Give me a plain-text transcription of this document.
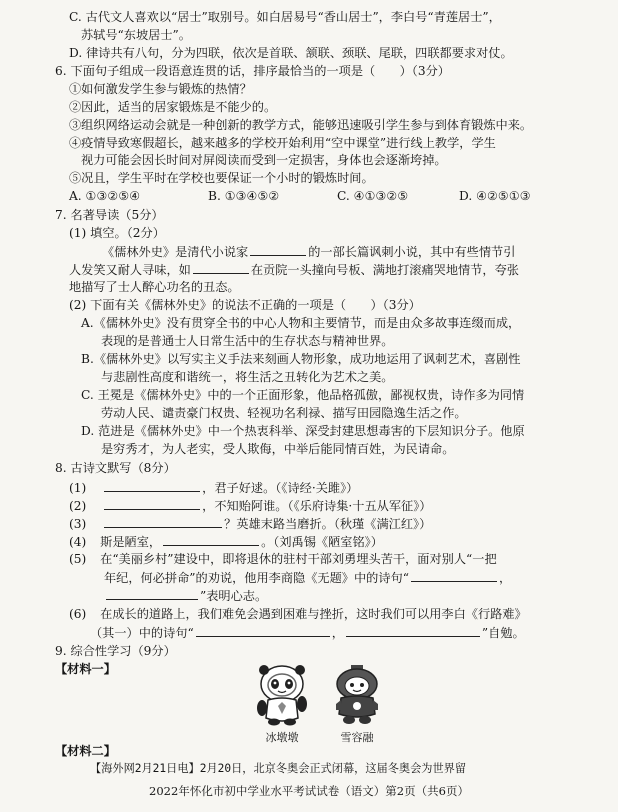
C. 古代文人喜欢以“居士”取别号。如白居易号“香山居士”，李白号“青莲居士”，
苏轼号“东坡居士”。
D. 律诗共有八句，分为四联，依次是首联、颔联、颈联、尾联，四联都要求对仗。
6. 下面句子组成一段语意连贯的话，排序最恰当的一项是（　　）（3分）
①如何激发学生参与锻炼的热情？
②因此，适当的居家锻炼是不能少的。
③组织网络运动会就是一种创新的教学方式，能够迅速吸引学生参与到体育锻炼中来。
④疫情导致寒假超长，越来越多的学校开始利用“空中课堂”进行线上教学，学生
视力可能会因长时间对屏阅读而受到一定损害，身体也会逐渐垮掉。
⑤况且，学生平时在学校也要保证一个小时的锻炼时间。
A. ①③②⑤④	B. ①③④⑤②	C. ④①③②⑤	D. ④②⑤①③
7. 名著导读（5分）
(1) 填空。（2分）
《儒林外史》是清代小说家	的一部长篇讽刺小说，其中有些情节引
人发笑又耐人寻味，如	在贡院一头撞向号板、满地打滚痛哭地情节，夸张
地描写了士人醉心功名的丑态。
(2) 下面有关《儒林外史》的说法不正确的一项是（　　）（3分）
A.《儒林外史》没有贯穿全书的中心人物和主要情节，而是由众多故事连缀而成，
表现的是普通士人日常生活中的生存状态与精神世界。
B.《儒林外史》以写实主义手法来刻画人物形象，成功地运用了讽刺艺术，喜剧性
与悲剧性高度和谐统一，将生活之丑转化为艺术之美。
C. 王冕是《儒林外史》中的一个正面形象，他品格孤傲，鄙视权贵，诗作多为同情
劳动人民、谴责豪门权贵、轻视功名利禄、描写田园隐逸生活之作。
D. 范进是《儒林外史》中一个热衷科举、深受封建思想毒害的下层知识分子。他原
是穷秀才，为人老实，受人欺侮，中举后能同情百姓，为民请命。
8. 古诗文默写（8分）
(1)	，君子好逑。（《诗经·关雎》）
(2)	，不知贻阿谁。（《乐府诗集·十五从军征》）
(3)	？英雄末路当磨折。（秋瑾《满江红》）
(4) 斯是陋室，	。（刘禹锡《陋室铭》）
(5) 在“美丽乡村”建设中，即将退休的驻村干部刘勇埋头苦干，面对别人“一把
年纪，何必拼命”的劝说，他用李商隐《无题》中的诗句“	，
”表明心志。
(6) 在成长的道路上，我们难免会遇到困难与挫折，这时我们可以用李白《行路难》
（其一）中的诗句“	，	”自勉。
9. 综合性学习（9分）
【材料一】
冰墩墩	雪容融
【材料二】
【海外网2月21日电】2月20日，北京冬奥会正式闭幕，这届冬奥会为世界留
2022年怀化市初中学业水平考试试卷（语文）第2页（共6页）
